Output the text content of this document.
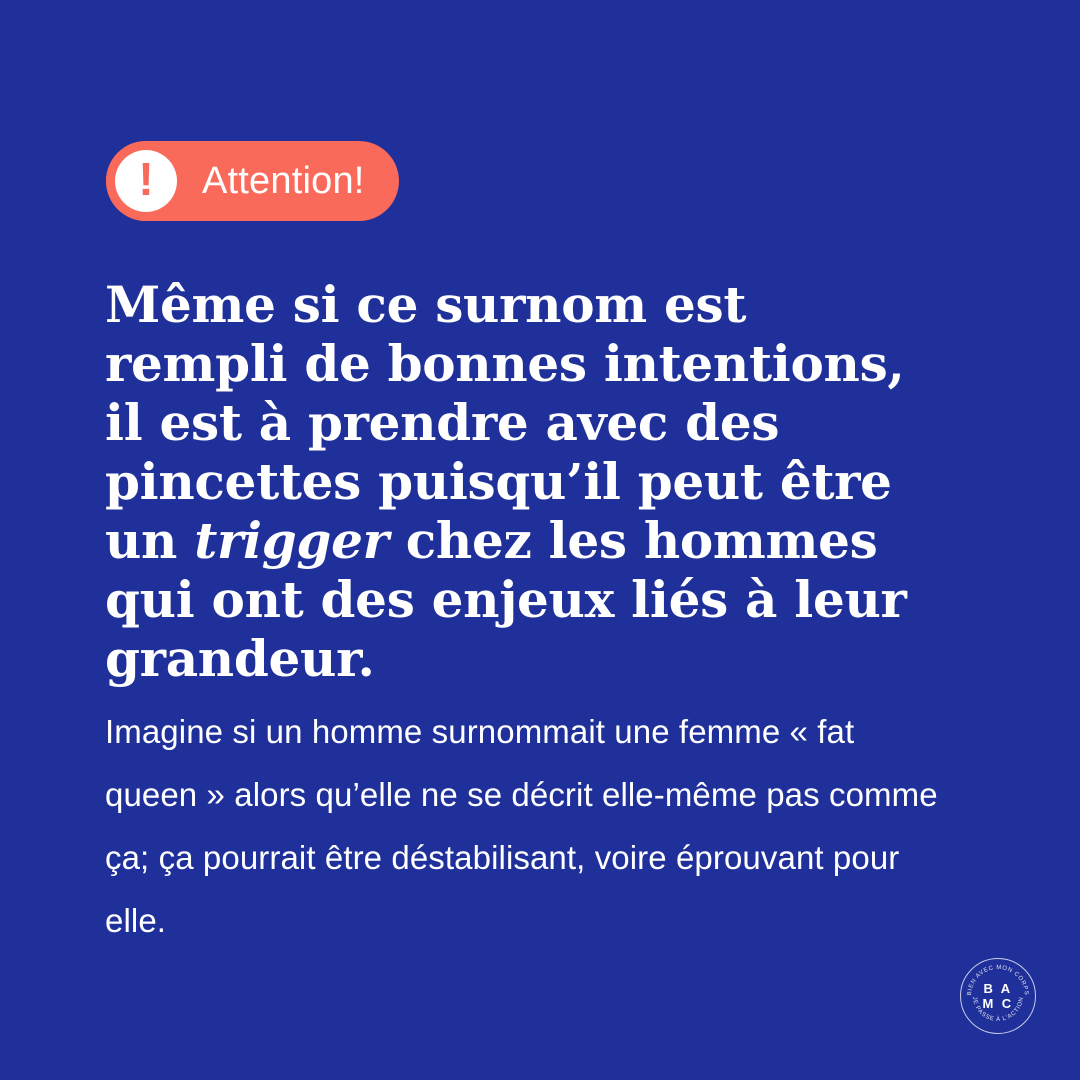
! Attention!
Même si ce surnom est rempli de bonnes intentions, il est à prendre avec des pincettes puisqu’il peut être un trigger chez les hommes qui ont des enjeux liés à leur grandeur.
Imagine si un homme surnommait une femme « fat queen » alors qu’elle ne se décrit elle-même pas comme ça; ça pourrait être déstabilisant, voire éprouvant pour elle.
BIEN AVEC MON CORPS
JE PASSE À L'ACTION
B A
M C
